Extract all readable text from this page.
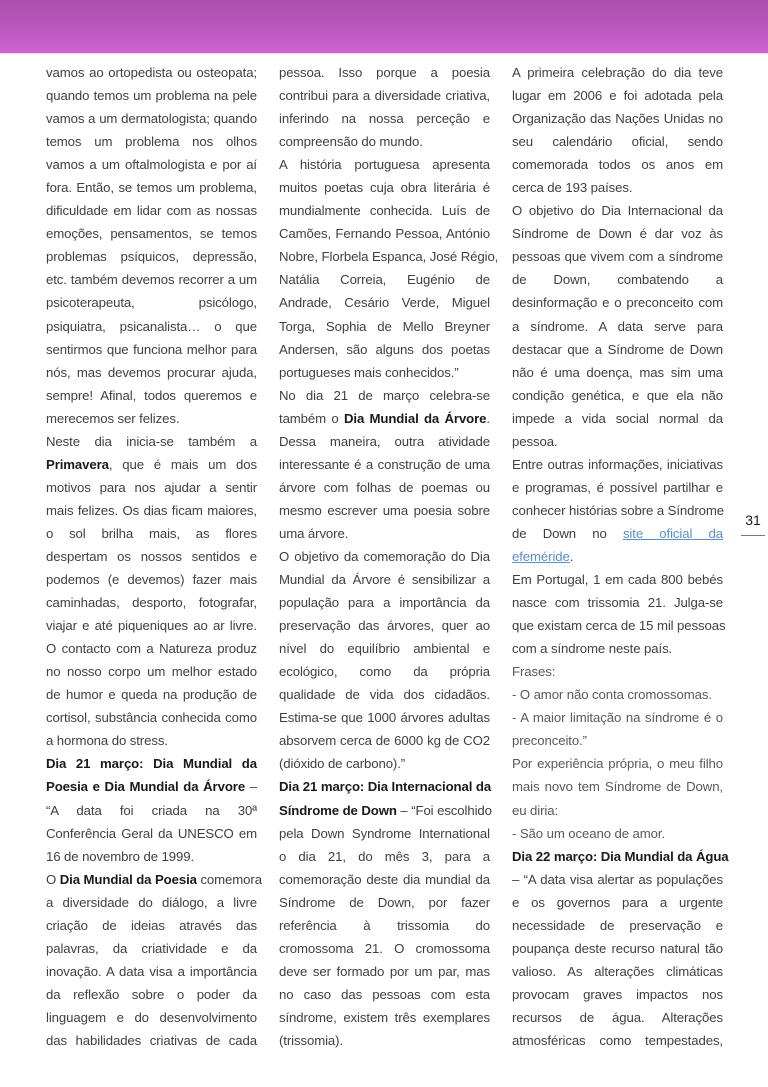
vamos ao ortopedista ou osteopata;
quando temos um problema na pele
vamos a um dermatologista; quando
temos um problema nos olhos
vamos a um oftalmologista e por aí
fora. Então, se temos um problema,
dificuldade em lidar com as nossas
emoções, pensamentos, se temos
problemas psíquicos, depressão,
etc. também devemos recorrer a um
psicoterapeuta, psicólogo,
psiquiatra, psicanalista… o que
sentirmos que funciona melhor para
nós, mas devemos procurar ajuda,
sempre! Afinal, todos queremos e
merecemos ser felizes.
Neste dia inicia-se também a
Primavera, que é mais um dos
motivos para nos ajudar a sentir
mais felizes. Os dias ficam maiores,
o sol brilha mais, as flores
despertam os nossos sentidos e
podemos (e devemos) fazer mais
caminhadas, desporto, fotografar,
viajar e até piqueniques ao ar livre.
O contacto com a Natureza produz
no nosso corpo um melhor estado
de humor e queda na produção de
cortisol, substância conhecida como
a hormona do stress.
Dia 21 março: Dia Mundial da
Poesia e Dia Mundial da Árvore –
“A data foi criada na 30ª
Conferência Geral da UNESCO em
16 de novembro de 1999.
O Dia Mundial da Poesia comemora
a diversidade do diálogo, a livre
criação de ideias através das
palavras, da criatividade e da
inovação. A data visa a importância
da reflexão sobre o poder da
linguagem e do desenvolvimento
das habilidades criativas de cada
pessoa. Isso porque a poesia
contribui para a diversidade criativa,
inferindo na nossa perceção e
compreensão do mundo.
A história portuguesa apresenta
muitos poetas cuja obra literária é
mundialmente conhecida. Luís de
Camões, Fernando Pessoa, António
Nobre, Florbela Espanca, José Régio,
Natália Correia, Eugénio de
Andrade, Cesário Verde, Miguel
Torga, Sophia de Mello Breyner
Andersen, são alguns dos poetas
portugueses mais conhecidos.”
No dia 21 de março celebra-se
também o Dia Mundial da Árvore.
Dessa maneira, outra atividade
interessante é a construção de uma
árvore com folhas de poemas ou
mesmo escrever uma poesia sobre
uma árvore.
O objetivo da comemoração do Dia
Mundial da Árvore é sensibilizar a
população para a importância da
preservação das árvores, quer ao
nível do equilíbrio ambiental e
ecológico, como da própria
qualidade de vida dos cidadãos.
Estima-se que 1000 árvores adultas
absorvem cerca de 6000 kg de CO2
(dióxido de carbono).”
Dia 21 março: Dia Internacional da
Síndrome de Down – “Foi escolhido
pela Down Syndrome International
o dia 21, do mês 3, para a
comemoração deste dia mundial da
Síndrome de Down, por fazer
referência à trissomia do
cromossoma 21. O cromossoma
deve ser formado por um par, mas
no caso das pessoas com esta
síndrome, existem três exemplares
(trissomia).
A primeira celebração do dia teve
lugar em 2006 e foi adotada pela
Organização das Nações Unidas no
seu calendário oficial, sendo
comemorada todos os anos em
cerca de 193 países.
O objetivo do Dia Internacional da
Síndrome de Down é dar voz às
pessoas que vivem com a síndrome
de Down, combatendo a
desinformação e o preconceito com
a síndrome. A data serve para
destacar que a Síndrome de Down
não é uma doença, mas sim uma
condição genética, e que ela não
impede a vida social normal da
pessoa.
Entre outras informações, iniciativas
e programas, é possível partilhar e
conhecer histórias sobre a Síndrome
de Down no site oficial da
efeméride.
Em Portugal, 1 em cada 800 bebés
nasce com trissomia 21. Julga-se
que existam cerca de 15 mil pessoas
com a síndrome neste país.
Frases:
- O amor não conta cromossomas.
- A maior limitação na síndrome é o
preconceito.”
Por experiência própria, o meu filho
mais novo tem Síndrome de Down,
eu diria:
- São um oceano de amor.
Dia 22 março: Dia Mundial da Água
– “A data visa alertar as populações
e os governos para a urgente
necessidade de preservação e
poupança deste recurso natural tão
valioso. As alterações climáticas
provocam graves impactos nos
recursos de água. Alterações
atmosféricas como tempestades,
31
